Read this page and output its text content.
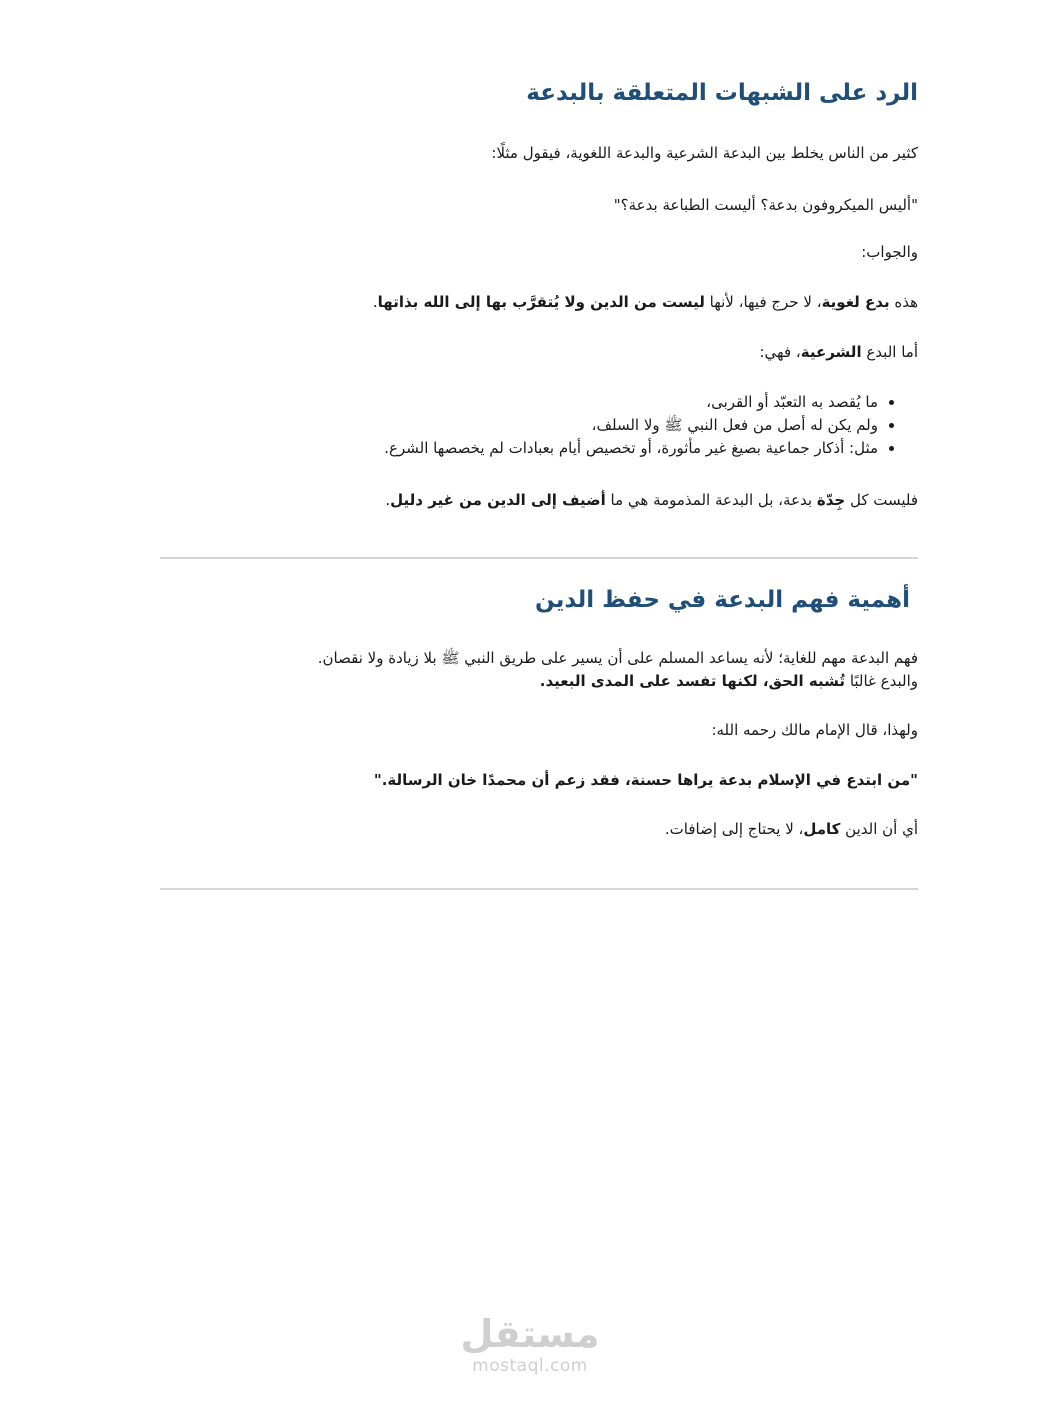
الرد على الشبهات المتعلقة بالبدعة

كثير من الناس يخلط بين البدعة الشرعية والبدعة اللغوية، فيقول مثلًا:

"أليس الميكروفون بدعة؟ أليست الطباعة بدعة؟"

والجواب:

هذه بدع لغوية، لا حرج فيها، لأنها ليست من الدين ولا يُتقرَّب بها إلى الله بذاتها.

أما البدع الشرعية، فهي:

• ما يُقصد به التعبّد أو القربى،
• ولم يكن له أصل من فعل النبي ﷺ ولا السلف،
• مثل: أذكار جماعية بصيغ غير مأثورة، أو تخصيص أيام بعبادات لم يخصصها الشرع.

فليست كل جِدّة بدعة، بل البدعة المذمومة هي ما أضيف إلى الدين من غير دليل.

أهمية فهم البدعة في حفظ الدين

فهم البدعة مهم للغاية؛ لأنه يساعد المسلم على أن يسير على طريق النبي ﷺ بلا زيادة ولا نقصان.

والبدع غالبًا تُشبه الحق، لكنها تفسد على المدى البعيد.

ولهذا، قال الإمام مالك رحمه الله:

"من ابتدع في الإسلام بدعة يراها حسنة، فقد زعم أن محمدًا خان الرسالة."

أي أن الدين كامل، لا يحتاج إلى إضافات.

مستقل
mostaql.com
